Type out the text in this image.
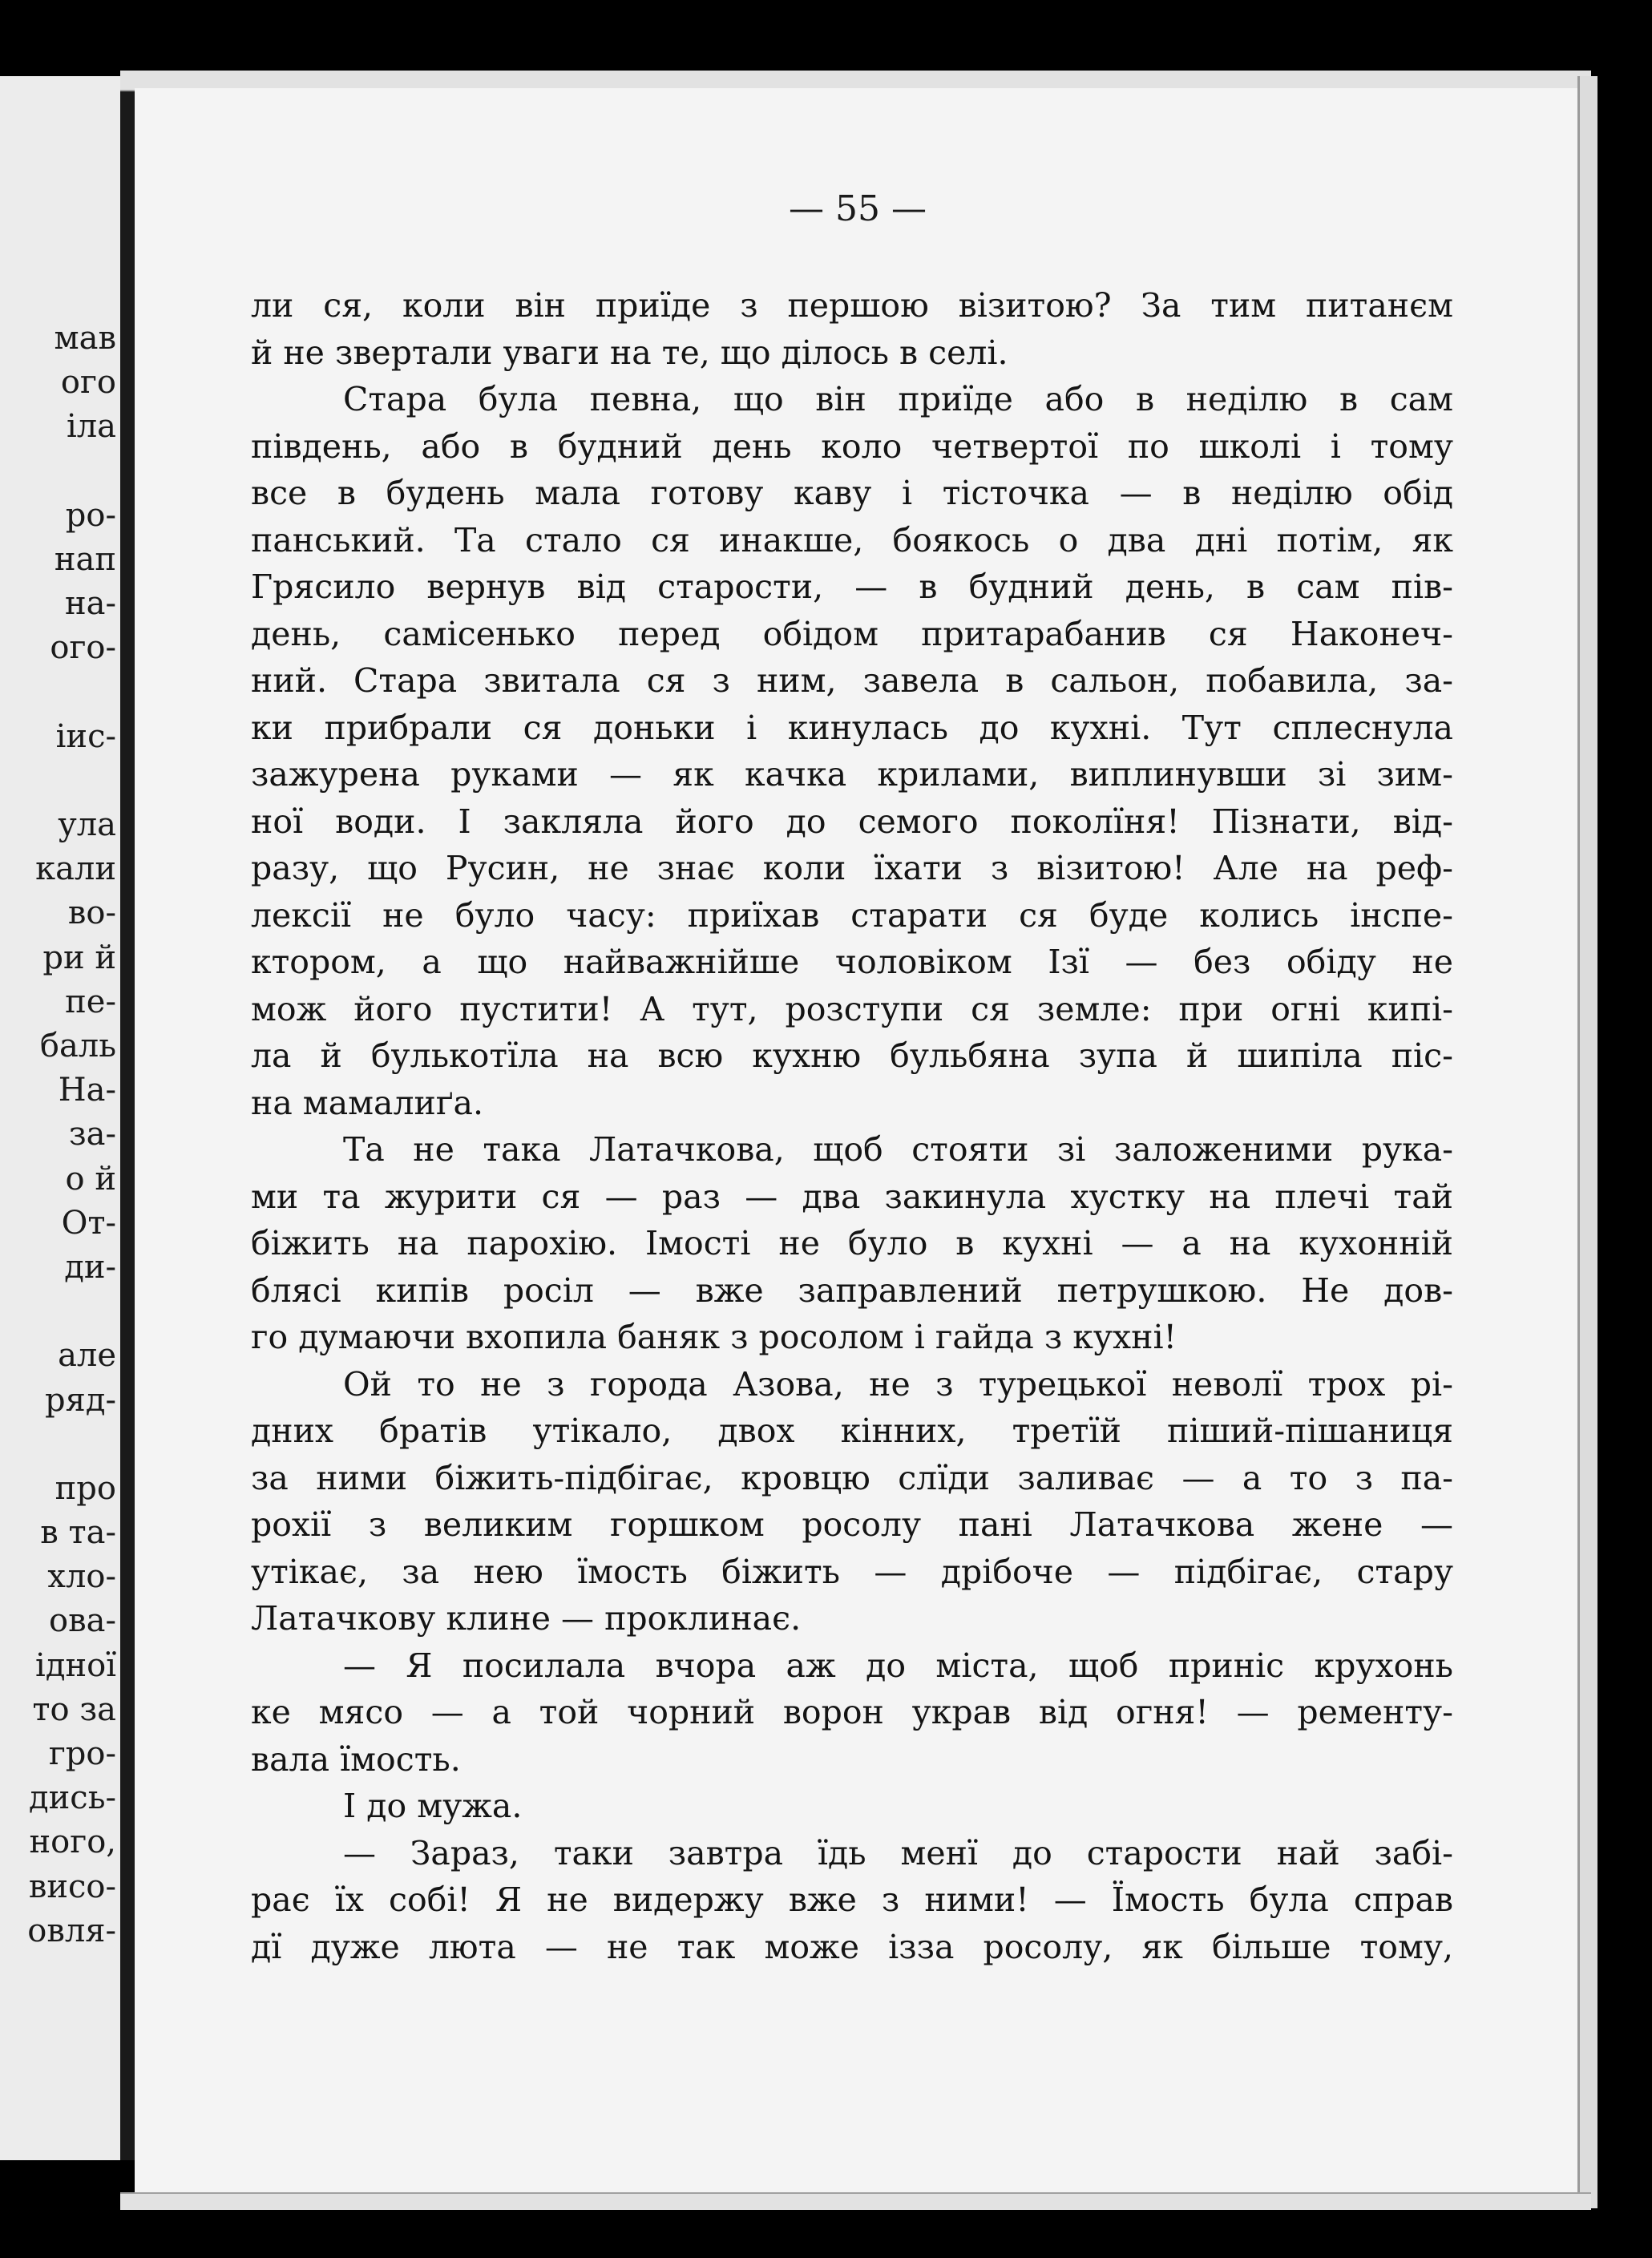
мав
ого
іла
ро-
нап
на-
ого-
іис-
ула
кали
во-
ри й
пе-
баль
На-
за-
о й
От-
ди-
але
ряд-
про
в та-
хло-
ова-
ідної
то за
гро-
дись-
ного,
висо-
овля-
— 55 —
ли ся, коли він приїде з першою візитою? За тим питанєм
й не звертали уваги на те, що ділось в селі.
Стара була певна, що він приїде або в неділю в сам
південь, або в будний день коло четвертої по школі і тому
все в будень мала готову каву і тісточка — в неділю обід
панський. Та стало ся инакше, боякось о два дні потім, як
Грясило вернув від старости, — в будний день, в сам пів-
день, самісенько перед обідом притарабанив ся Наконеч-
ний. Стара звитала ся з ним, завела в сальон, побавила, за-
ки прибрали ся доньки і кинулась до кухні. Тут сплеснула
зажурена руками — як качка крилами, виплинувши зі зим-
ної води. І закляла його до семого поколїня! Пізнати, від-
разу, що Русин, не знає коли їхати з візитою! Але на реф-
лексії не було часу: приїхав старати ся буде колись інспе-
ктором, а що найважнійше чоловіком Ізї — без обіду не
мож його пустити! А тут, розступи ся земле: при огні кипі-
ла й булькотїла на всю кухню бульбяна зупа й шипіла піс-
на мамалиґа.
Та не така Латачкова, щоб стояти зі заложеними рука-
ми та журити ся — раз — два закинула хустку на плечі тай
біжить на парохію. Імості не було в кухні — а на кухонній
блясі кипів росіл — вже заправлений петрушкою. Не дов-
го думаючи вхопила баняк з росолом і гайда з кухні!
Ой то не з города Азова, не з турецької неволї трох рі-
дних братів утікало, двох кінних, третїй піший-пішаниця
за ними біжить-підбігає, кровцю слїди заливає — а то з па-
рохії з великим горшком росолу пані Латачкова жене —
утікає, за нею їмость біжить — дрібоче — підбігає, стару
Латачкову клине — проклинає.
— Я посилала вчора аж до міста, щоб приніс крухонь
ке мясо — а той чорний ворон украв від огня! — ременту-
вала їмость.
І до мужа.
— Зараз, таки завтра їдь менї до старости най забі-
рає їх собі! Я не видержу вже з ними! — Їмость була справ
дї дуже люта — не так може ізза росолу, як більше тому,
